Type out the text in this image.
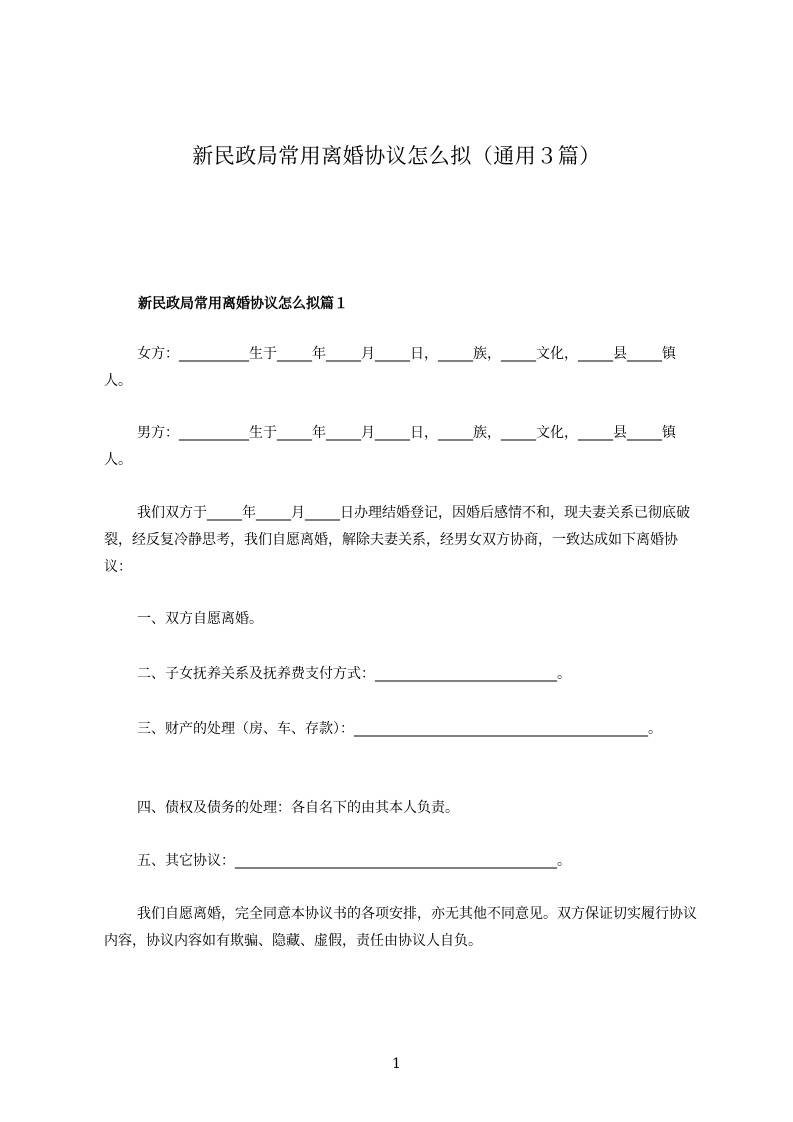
新民政局常用离婚协议怎么拟（通用３篇）
新民政局常用离婚协议怎么拟篇１
女方：__________生于_____年_____月_____日，_____族，_____文化，_____县_____镇人。
男方：__________生于_____年_____月_____日，_____族，_____文化，_____县_____镇人。
我们双方于_____年_____月_____日办理结婚登记，因婚后感情不和，现夫妻关系已彻底破裂，经反复冷静思考，我们自愿离婚，解除夫妻关系，经男女双方协商，一致达成如下离婚协议：
一、双方自愿离婚。
二、子女抚养关系及抚养费支付方式：__________________________。
三、财产的处理（房、车、存款）：__________________________________________。
四、债权及债务的处理：各自名下的由其本人负责。
五、其它协议：______________________________________________。
我们自愿离婚，完全同意本协议书的各项安排，亦无其他不同意见。双方保证切实履行协议内容，协议内容如有欺骗、隐藏、虚假，责任由协议人自负。
1
